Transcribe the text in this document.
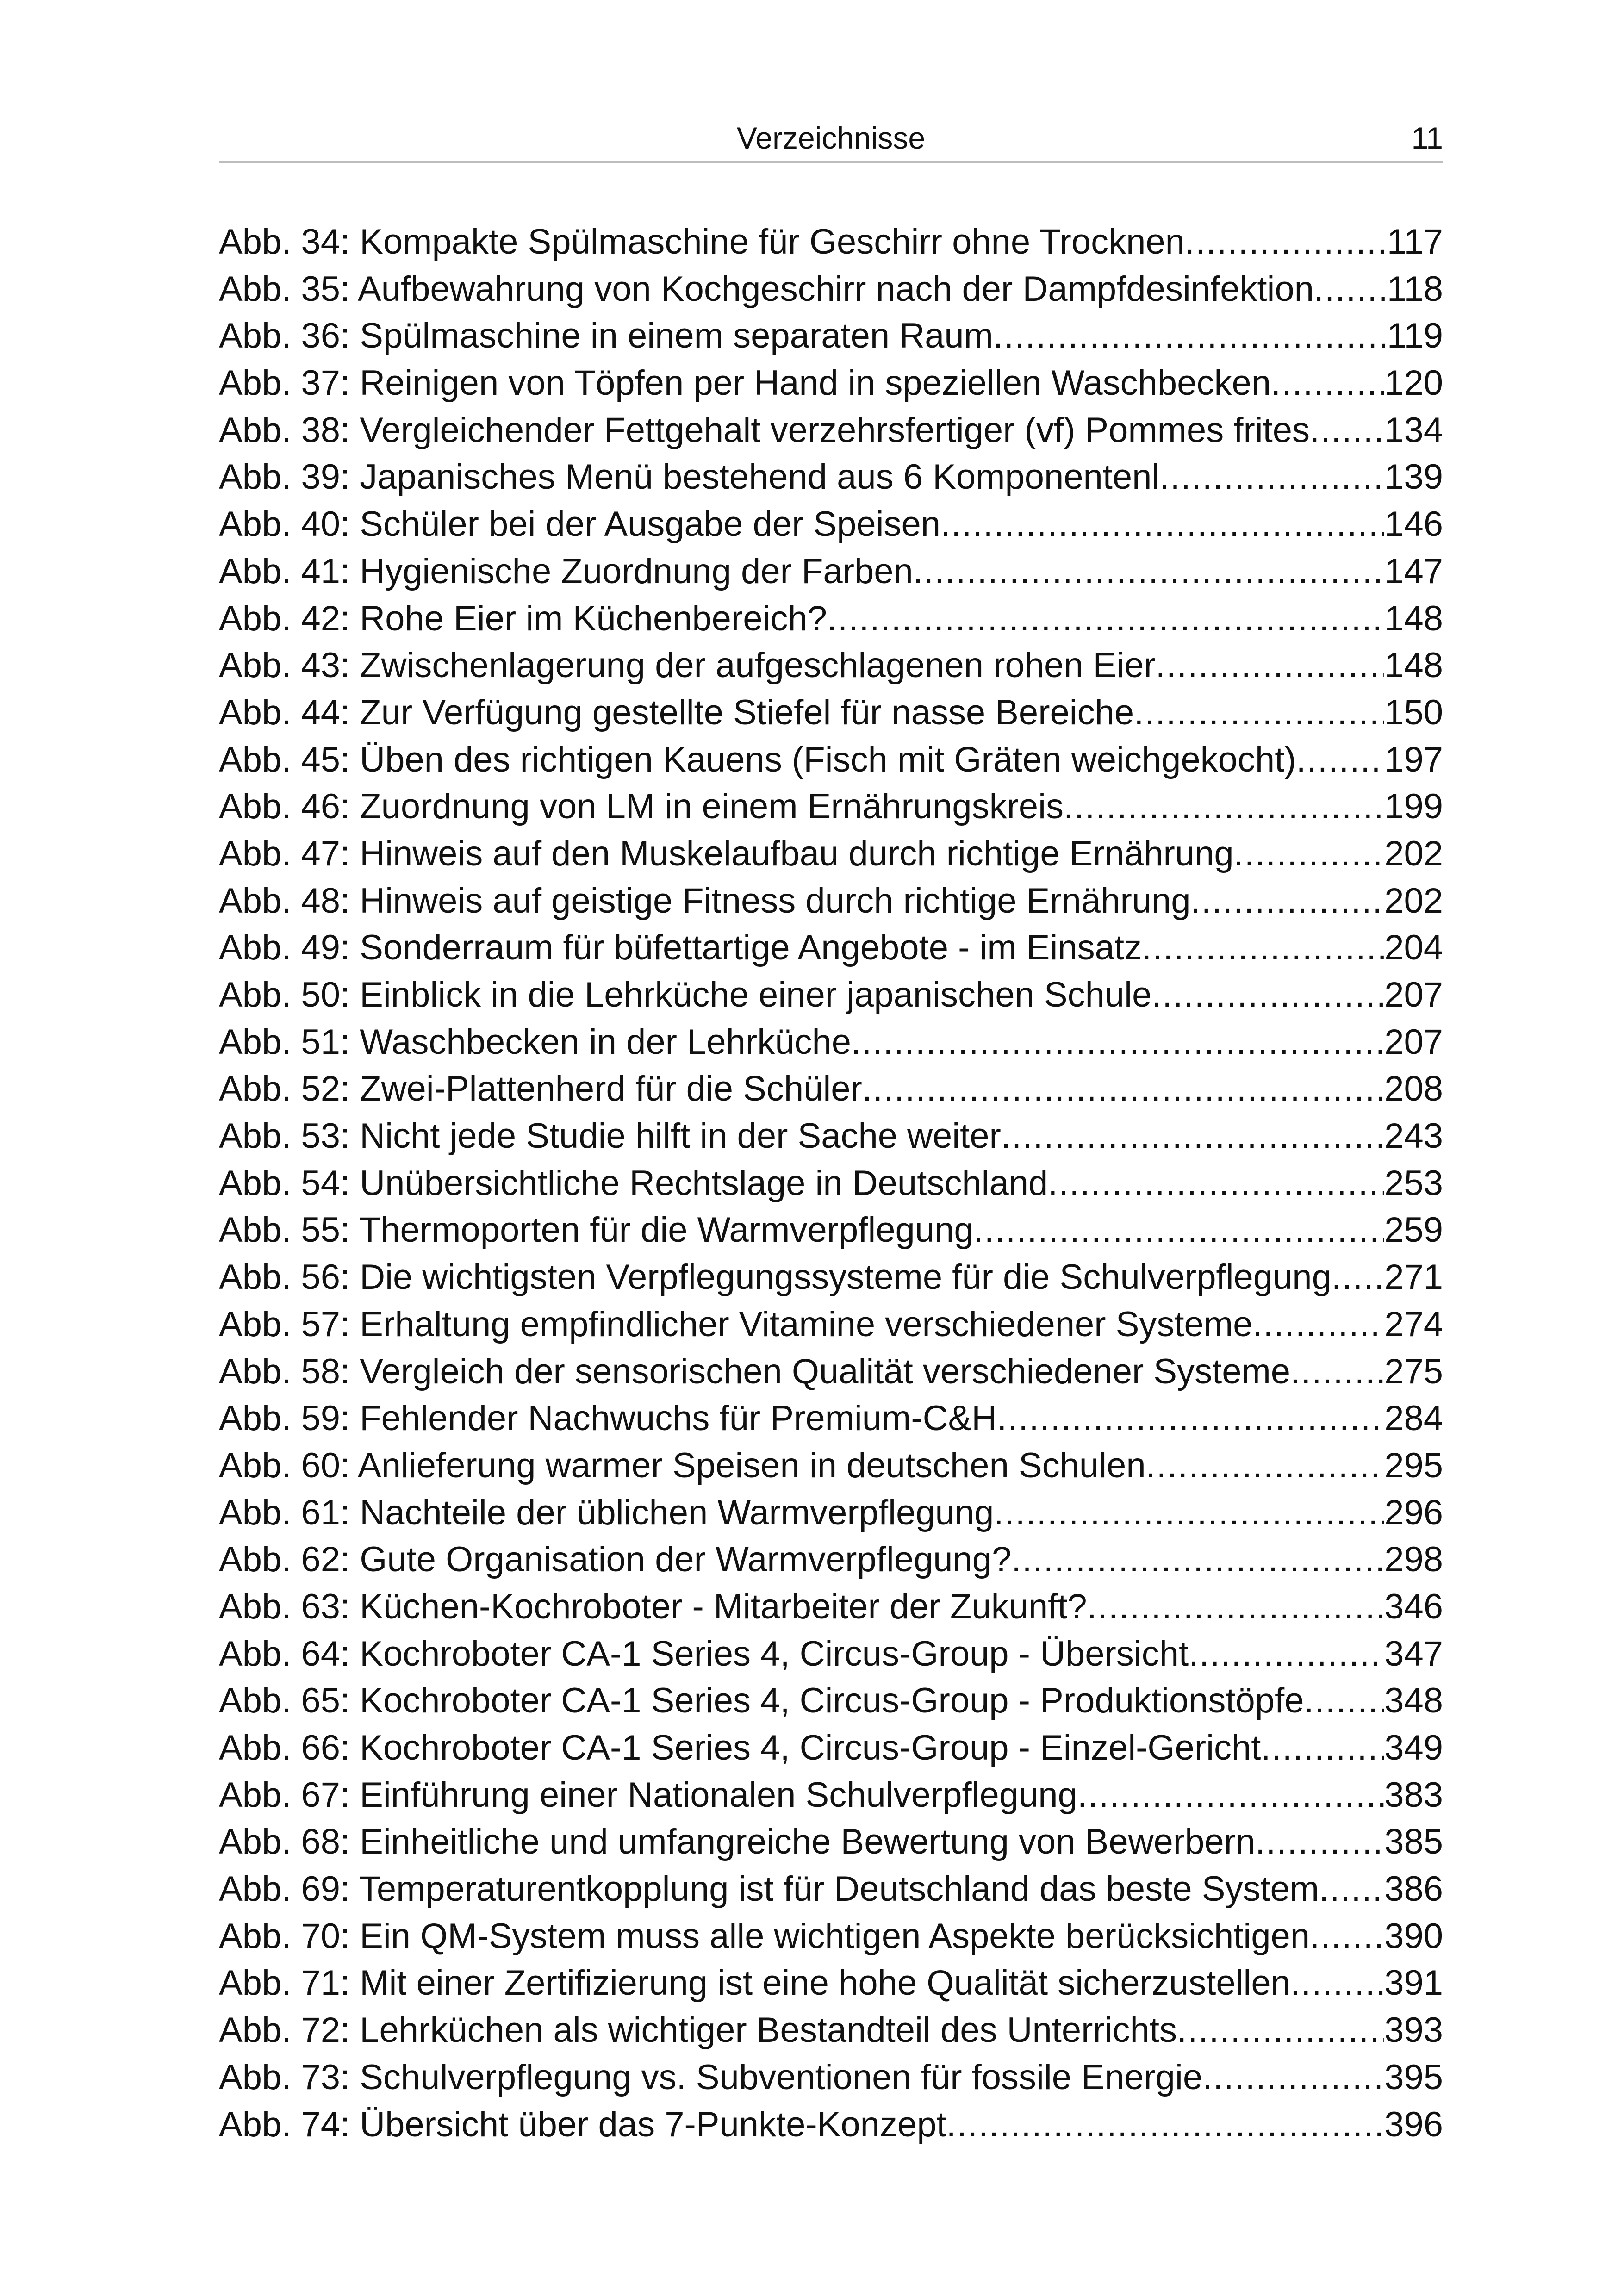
Verzeichnisse	11
Abb. 34: Kompakte Spülmaschine für Geschirr ohne Trocknen .....	117
Abb. 35: Aufbewahrung von Kochgeschirr nach der Dampfdesinfektion ..... 118
Abb. 36: Spülmaschine in einem separaten Raum .....	119
Abb. 37: Reinigen von Töpfen per Hand in speziellen Waschbecken .....	120
Abb. 38: Vergleichender Fettgehalt verzehrsfertiger (vf) Pommes frites ..... 134
Abb. 39: Japanisches Menü bestehend aus 6 Komponentenl .....	139
Abb. 40: Schüler bei der Ausgabe der Speisen .....	146
Abb. 41: Hygienische Zuordnung der Farben .....	147
Abb. 42: Rohe Eier im Küchenbereich? .....	148
Abb. 43: Zwischenlagerung der aufgeschlagenen rohen Eier .....	148
Abb. 44: Zur Verfügung gestellte Stiefel für nasse Bereiche .....	150
Abb. 45: Üben des richtigen Kauens (Fisch mit Gräten weichgekocht) .....	197
Abb. 46: Zuordnung von LM in einem Ernährungskreis .....	199
Abb. 47: Hinweis auf den Muskelaufbau durch richtige Ernährung .....	202
Abb. 48: Hinweis auf geistige Fitness durch richtige Ernährung .....	202
Abb. 49: Sonderraum für büfettartige Angebote - im Einsatz .....	204
Abb. 50: Einblick in die Lehrküche einer japanischen Schule .....	207
Abb. 51: Waschbecken in der Lehrküche .....	207
Abb. 52: Zwei-Plattenherd für die Schüler .....	208
Abb. 53: Nicht jede Studie hilft in der Sache weiter .....	243
Abb. 54: Unübersichtliche Rechtslage in Deutschland .....	253
Abb. 55: Thermoporten für die Warmverpflegung .....	259
Abb. 56: Die wichtigsten Verpflegungssysteme für die Schulverpflegung ..... 271
Abb. 57: Erhaltung empfindlicher Vitamine verschiedener Systeme .....	274
Abb. 58: Vergleich der sensorischen Qualität verschiedener Systeme .....	275
Abb. 59: Fehlender Nachwuchs für Premium-C&H .....	284
Abb. 60: Anlieferung warmer Speisen in deutschen Schulen .....	295
Abb. 61: Nachteile der üblichen Warmverpflegung .....	296
Abb. 62: Gute Organisation der Warmverpflegung? .....	298
Abb. 63: Küchen-Kochroboter - Mitarbeiter der Zukunft? .....	346
Abb. 64: Kochroboter CA-1 Series 4, Circus-Group - Übersicht .....	347
Abb. 65: Kochroboter CA-1 Series 4, Circus-Group - Produktionstöpfe ..... 348
Abb. 66: Kochroboter CA-1 Series 4, Circus-Group - Einzel-Gericht .....	349
Abb. 67: Einführung einer Nationalen Schulverpflegung .....	383
Abb. 68: Einheitliche und umfangreiche Bewertung von Bewerbern .....	385
Abb. 69: Temperaturentkopplung ist für Deutschland das beste System ..... 386
Abb. 70: Ein QM-System muss alle wichtigen Aspekte berücksichtigen ..... 390
Abb. 71: Mit einer Zertifizierung ist eine hohe Qualität sicherzustellen .....	391
Abb. 72: Lehrküchen als wichtiger Bestandteil des Unterrichts .....	393
Abb. 73: Schulverpflegung vs. Subventionen für fossile Energie .....	395
Abb. 74: Übersicht über das 7-Punkte-Konzept .....	396
